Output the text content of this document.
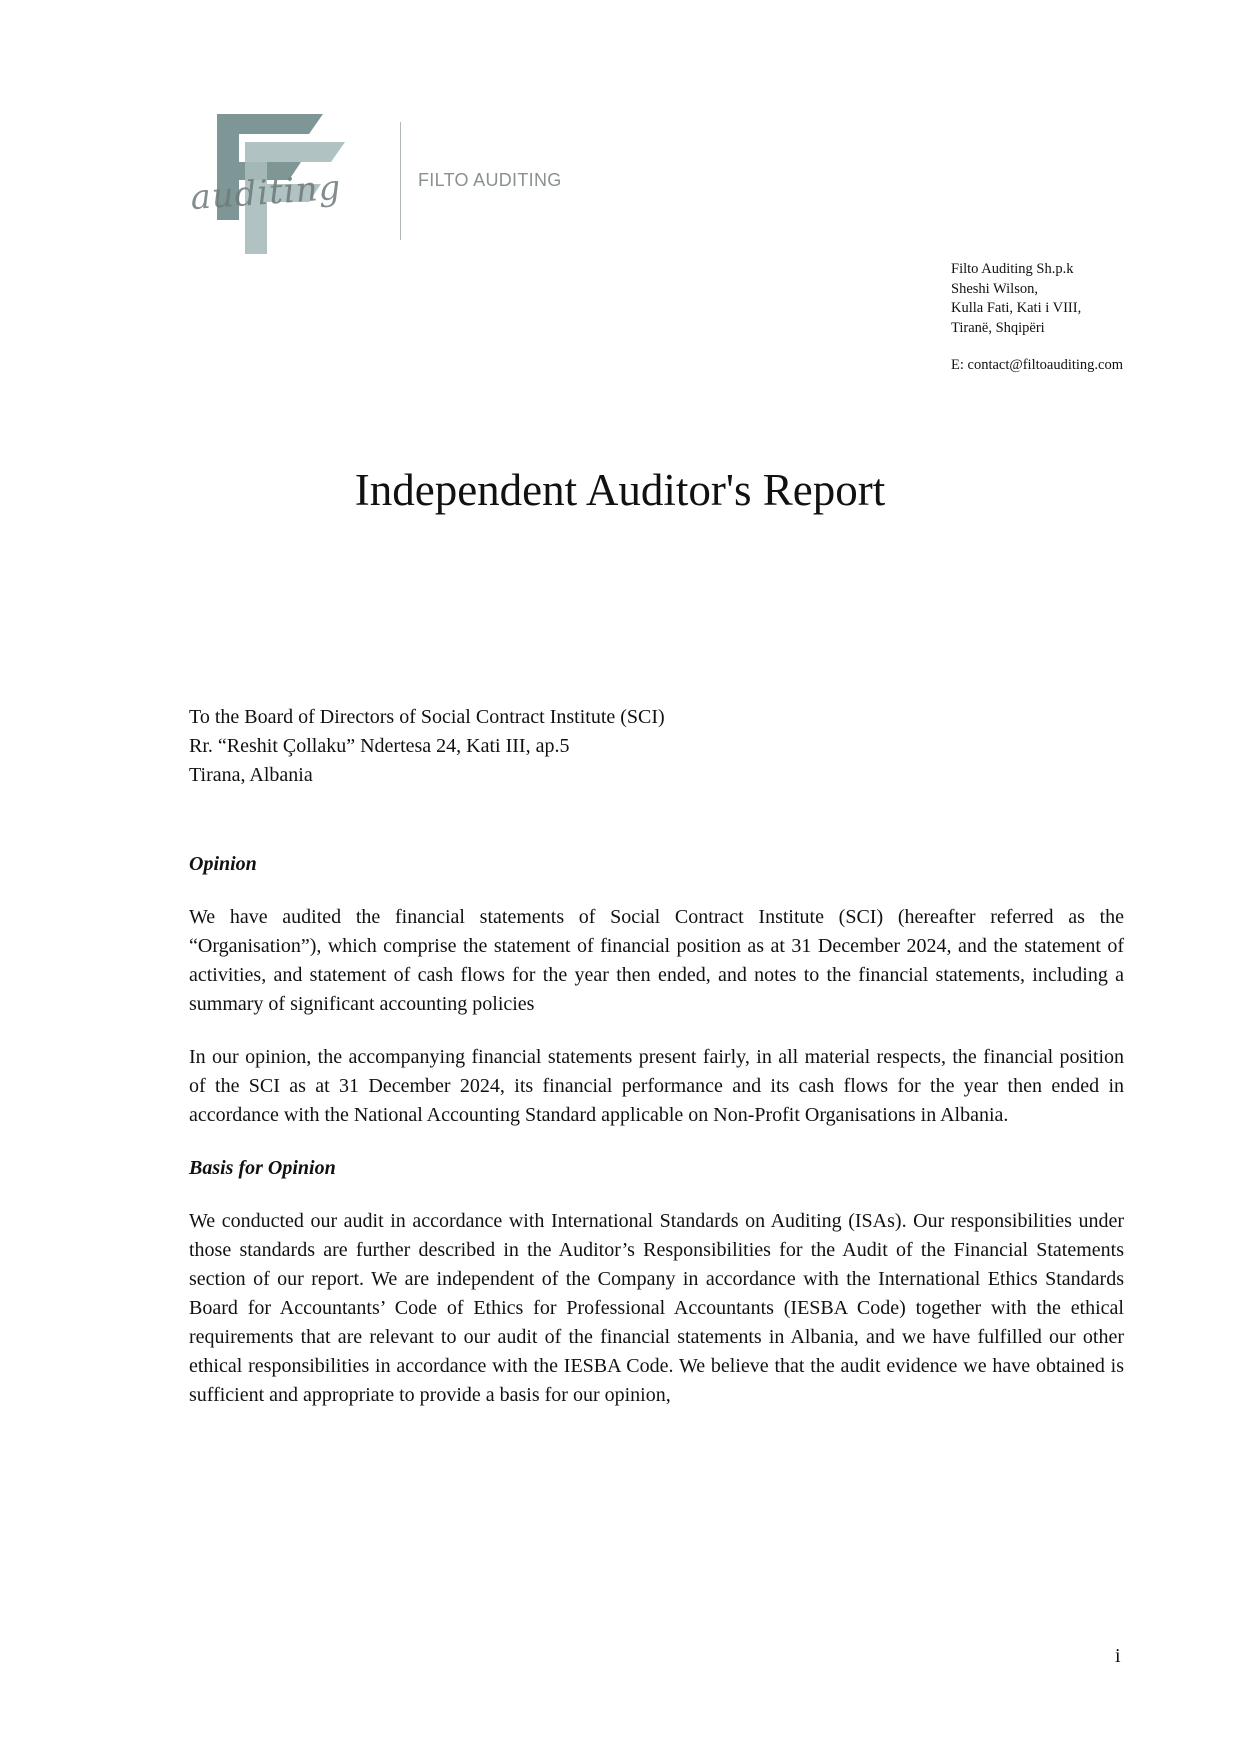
auditing	FILTO AUDITING
Filto Auditing Sh.p.k
Sheshi Wilson,
Kulla Fati, Kati i VIII,
Tiranë, Shqipëri
E: contact@filtoauditing.com
Independent Auditor's Report
To the Board of Directors of Social Contract Institute (SCI)
Rr. “Reshit Çollaku” Ndertesa 24, Kati III, ap.5
Tirana, Albania
Opinion

We have audited the financial statements of Social Contract Institute (SCI) (hereafter referred as the “Organisation”), which comprise the statement of financial position as at 31 December 2024, and the statement of activities, and statement of cash flows for the year then ended, and notes to the financial statements, including a summary of significant accounting policies

In our opinion, the accompanying financial statements present fairly, in all material respects, the financial position of the SCI as at 31 December 2024, its financial performance and its cash flows for the year then ended in accordance with the National Accounting Standard applicable on Non-Profit Organisations in Albania.

Basis for Opinion

We conducted our audit in accordance with International Standards on Auditing (ISAs). Our responsibilities under those standards are further described in the Auditor’s Responsibilities for the Audit of the Financial Statements section of our report. We are independent of the Company in accordance with the International Ethics Standards Board for Accountants’ Code of Ethics for Professional Accountants (IESBA Code) together with the ethical requirements that are relevant to our audit of the financial statements in Albania, and we have fulfilled our other ethical responsibilities in accordance with the IESBA Code. We believe that the audit evidence we have obtained is sufficient and appropriate to provide a basis for our opinion,

i
